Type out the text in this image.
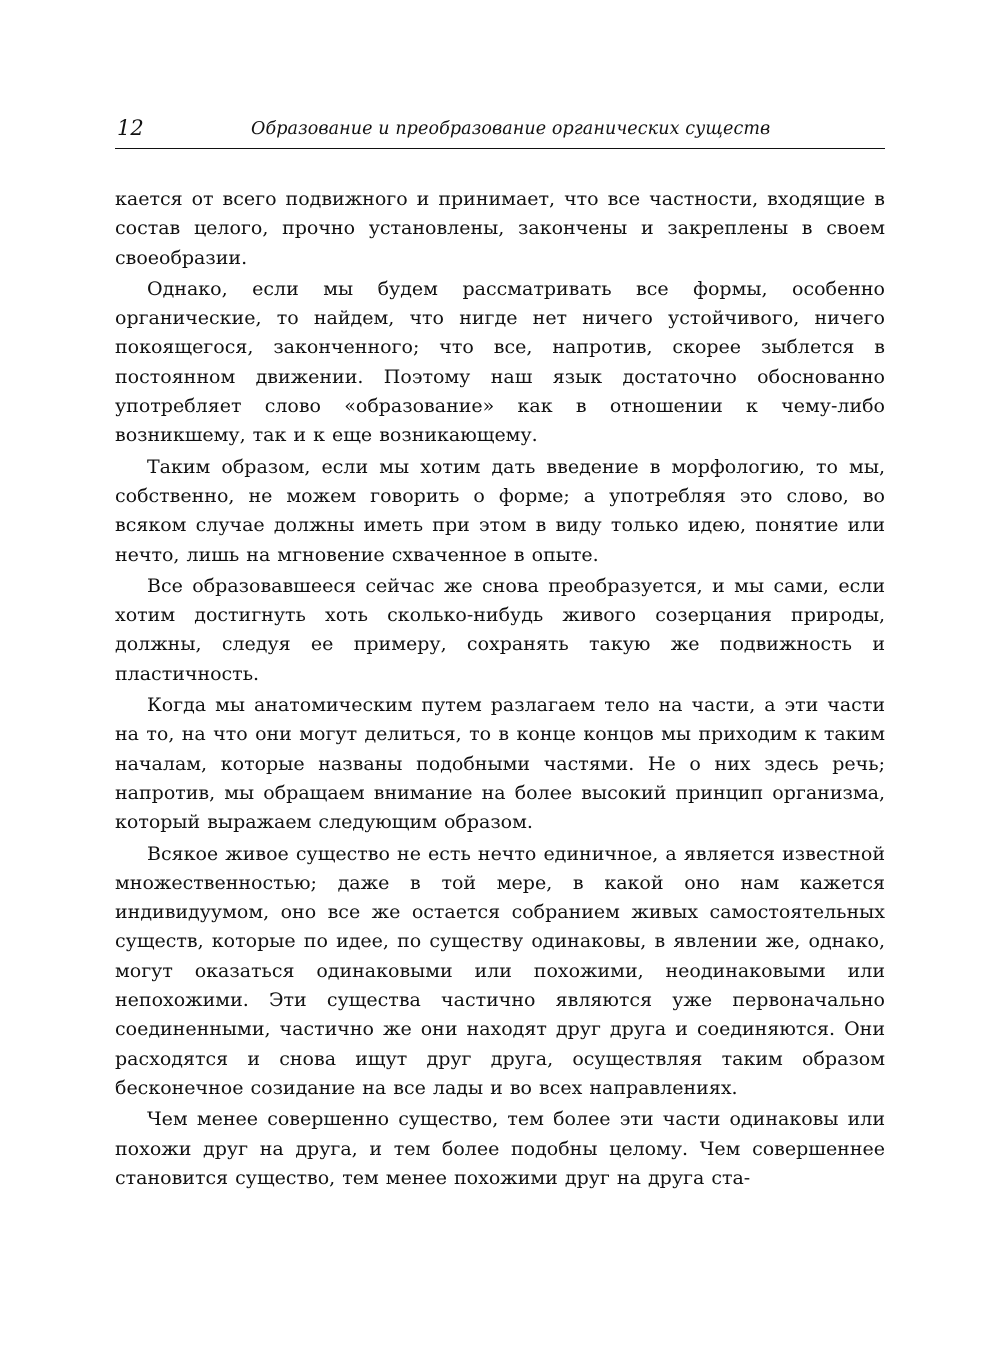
12	Образование и преобразование органических существ

кается от всего подвижного и принимает, что все частности, входящие в состав целого, прочно установлены, закончены и закреплены в своем своеобразии.

Однако, если мы будем рассматривать все формы, особенно органические, то найдем, что нигде нет ничего устойчивого, ничего покоящегося, законченного; что все, напротив, скорее зыблется в постоянном движении. Поэтому наш язык достаточно обоснованно употребляет слово «образование» как в отношении к чему-либо возникшему, так и к еще возникающему.

Таким образом, если мы хотим дать введение в морфологию, то мы, собственно, не можем говорить о форме; а употребляя это слово, во всяком случае должны иметь при этом в виду только идею, понятие или нечто, лишь на мгновение схваченное в опыте.

Все образовавшееся сейчас же снова преобразуется, и мы сами, если хотим достигнуть хоть сколько-нибудь живого созерцания природы, должны, следуя ее примеру, сохранять такую же подвижность и пластичность.

Когда мы анатомическим путем разлагаем тело на части, а эти части на то, на что они могут делиться, то в конце концов мы приходим к таким началам, которые названы подобными частями. Не о них здесь речь; напротив, мы обращаем внимание на более высокий принцип организма, который выражаем следующим образом.

Всякое живое существо не есть нечто единичное, а является известной множественностью; даже в той мере, в какой оно нам кажется индивидуумом, оно все же остается собранием живых самостоятельных существ, которые по идее, по существу одинаковы, в явлении же, однако, могут оказаться одинаковыми или похожими, неодинаковыми или непохожими. Эти существа частично являются уже первоначально соединенными, частично же они находят друг друга и соединяются. Они расходятся и снова ищут друг друга, осуществляя таким образом бесконечное созидание на все лады и во всех направлениях.

Чем менее совершенно существо, тем более эти части одинаковы или похожи друг на друга, и тем более подобны целому. Чем совершеннее становится существо, тем менее похожими друг на друга ста-
